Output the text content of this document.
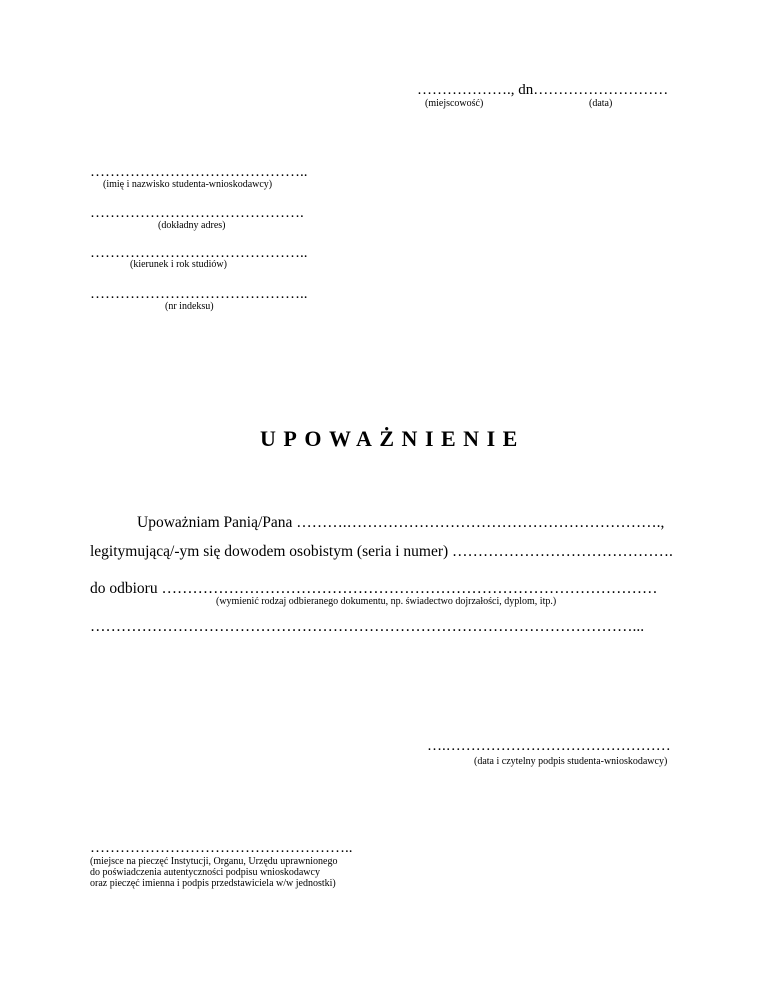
………………., dn………………………
(miejscowość)	(data)
……………………………………..
(imię i nazwisko studenta-wnioskodawcy)
…………………………………….
(dokładny adres)
……………………………………..
(kierunek i rok studiów)
……………………………………..
(nr indeksu)
UPOWAŻNIENIE
Upoważniam Panią/Pana ……….…………………………………………………….,
legitymującą/-ym się dowodem osobistym (seria i numer) …………………………………….
do odbioru ……………………………………………………………………………………
(wymienić rodzaj odbieranego dokumentu, np. świadectwo dojrzałości, dyplom, itp.)
……………………………………………………………………………………………...
….………………………………………
(data i czytelny podpis studenta-wnioskodawcy)
……………………………………………..
(miejsce na pieczęć Instytucji, Organu, Urzędu uprawnionego
do poświadczenia autentyczności podpisu wnioskodawcy
oraz pieczęć imienna i podpis przedstawiciela w/w jednostki)
